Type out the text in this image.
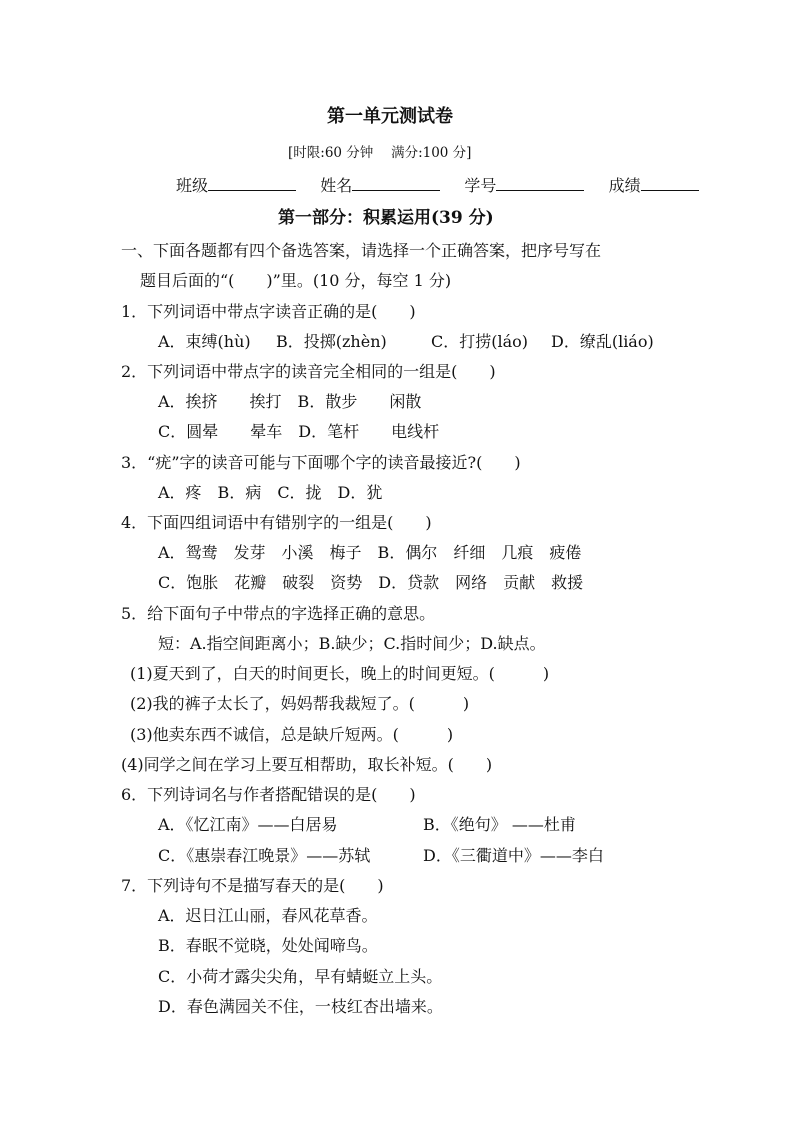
第一单元测试卷
[时限:60 分钟　 满分:100 分]
班级	姓名	学号	成绩
第一部分：积累运用(39 分)
一、下面各题都有四个备选答案，请选择一个正确答案，把序号写在
题目后面的“(　　)”里。(10 分，每空 1 分)
1．下列词语中带点字读音正确的是(　　)
A．束缚(hù) B．投掷(zhèn)	C．打捞(láo) D．缭乱(liáo)
2．下列词语中带点字的读音完全相同的一组是(　　)
A．挨挤　　挨打　B．散步　　闲散
C．圆晕　　晕车　D．笔杆　　电线杆
3．“疣”字的读音可能与下面哪个字的读音最接近?(　　)
A．疼　B．病　C．拢　D．犹
4．下面四组词语中有错别字的一组是(　　)
A．鸳鸯　发芽　小溪　梅子　B．偶尔　纤细　几痕　疲倦
C．饱胀　花瓣　破裂　资势　D．贷款　网络　贡献　救援
5．给下面句子中带点的字选择正确的意思。
短：A.指空间距离小；B.缺少；C.指时间少；D.缺点。
(1)夏天到了，白天的时间更长，晚上的时间更短。(　　　)
(2)我的裤子太长了，妈妈帮我裁短了。(　　　)
(3)他卖东西不诚信，总是缺斤短两。(　　　)
(4)同学之间在学习上要互相帮助，取长补短。(　　)
6．下列诗词名与作者搭配错误的是(　　)
A．《忆江南》——白居易	B．《绝句》 ——杜甫
C．《惠崇春江晚景》——苏轼	D．《三衢道中》——李白
7．下列诗句不是描写春天的是(　　)
A．迟日江山丽，春风花草香。
B．春眠不觉晓，处处闻啼鸟。
C．小荷才露尖尖角，早有蜻蜓立上头。
D．春色满园关不住，一枝红杏出墙来。
